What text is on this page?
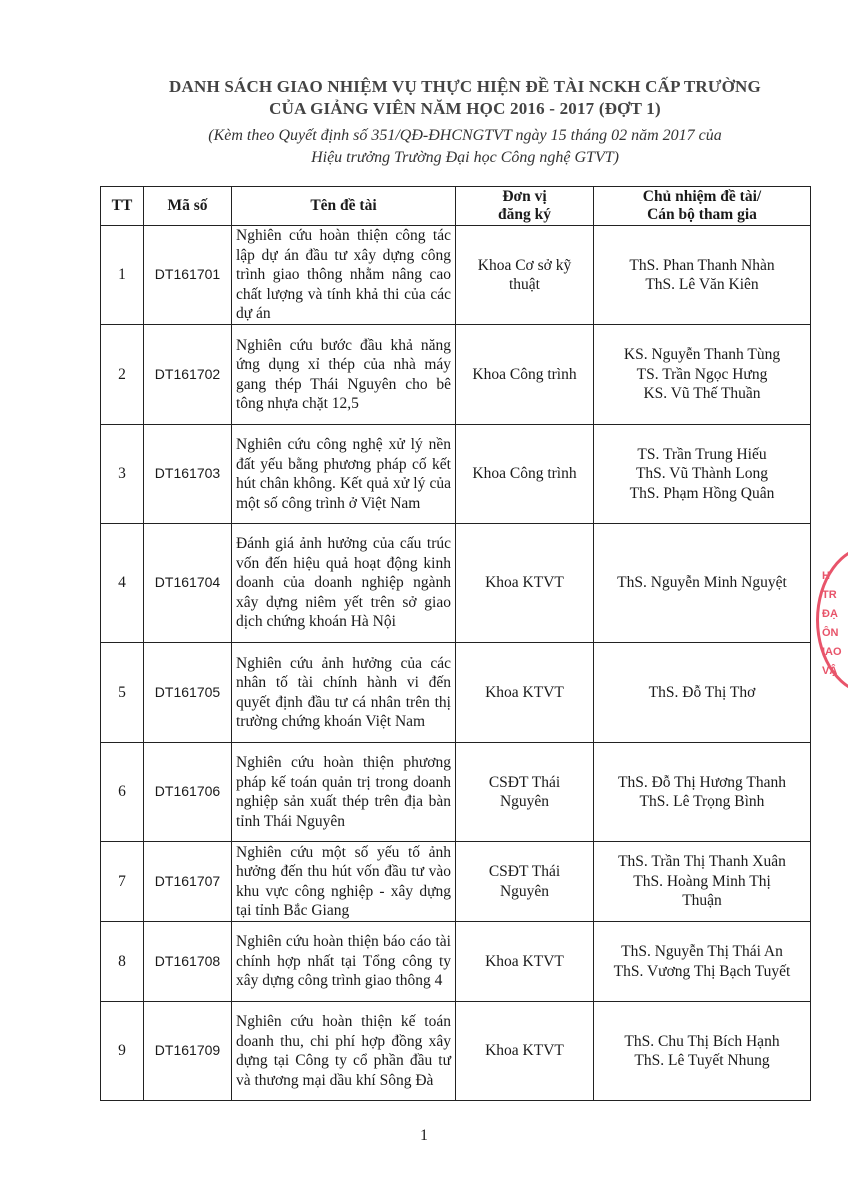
DANH SÁCH GIAO NHIỆM VỤ THỰC HIỆN ĐỀ TÀI NCKH CẤP TRƯỜNG
CỦA GIẢNG VIÊN NĂM HỌC 2016 - 2017 (ĐỢT 1)
(Kèm theo Quyết định số 351/QĐ-ĐHCNGTVT ngày 15 tháng 02 năm 2017 của
Hiệu trưởng Trường Đại học Công nghệ GTVT)
TT	Mã số	Tên đề tài	Đơn vị
đăng ký	Chủ nhiệm đề tài/
Cán bộ tham gia
1	DT161701	Nghiên cứu hoàn thiện công tác lập dự án đầu tư xây dựng công trình giao thông nhằm nâng cao chất lượng và tính khả thi của các dự án	Khoa Cơ sở kỹ
thuật	ThS. Phan Thanh Nhàn
ThS. Lê Văn Kiên
2	DT161702	Nghiên cứu bước đầu khả năng ứng dụng xỉ thép của nhà máy gang thép Thái Nguyên cho bê tông nhựa chặt 12,5	Khoa Công trình	KS. Nguyễn Thanh Tùng
TS. Trần Ngọc Hưng
KS. Vũ Thế Thuần
3	DT161703	Nghiên cứu công nghệ xử lý nền đất yếu bằng phương pháp cố kết hút chân không. Kết quả xử lý của một số công trình ở Việt Nam	Khoa Công trình	TS. Trần Trung Hiếu
ThS. Vũ Thành Long
ThS. Phạm Hồng Quân
4	DT161704	Đánh giá ảnh hưởng của cấu trúc vốn đến hiệu quả hoạt động kinh doanh của doanh nghiệp ngành xây dựng niêm yết trên sở giao dịch chứng khoán Hà Nội	Khoa KTVT	ThS. Nguyễn Minh Nguyệt
5	DT161705	Nghiên cứu ảnh hưởng của các nhân tố tài chính hành vi đến quyết định đầu tư cá nhân trên thị trường chứng khoán Việt Nam	Khoa KTVT	ThS. Đỗ Thị Thơ
6	DT161706	Nghiên cứu hoàn thiện phương pháp kế toán quản trị trong doanh nghiệp sản xuất thép trên địa bàn tỉnh Thái Nguyên	CSĐT Thái
Nguyên	ThS. Đỗ Thị Hương Thanh
ThS. Lê Trọng Bình
7	DT161707	Nghiên cứu một số yếu tố ảnh hưởng đến thu hút vốn đầu tư vào khu vực công nghiệp - xây dựng tại tỉnh Bắc Giang	CSĐT Thái
Nguyên	ThS. Trần Thị Thanh Xuân
ThS. Hoàng Minh Thị
Thuận
8	DT161708	Nghiên cứu hoàn thiện báo cáo tài chính hợp nhất tại Tổng công ty xây dựng công trình giao thông 4	Khoa KTVT	ThS. Nguyễn Thị Thái An
ThS. Vương Thị Bạch Tuyết
9	DT161709	Nghiên cứu hoàn thiện kế toán doanh thu, chi phí hợp đồng xây dựng tại Công ty cổ phần đầu tư và thương mại dầu khí Sông Đà	Khoa KTVT	ThS. Chu Thị Bích Hạnh
ThS. Lê Tuyết Nhung
H
TR
ĐẠ
ÔN
IAO
VẬ
1
